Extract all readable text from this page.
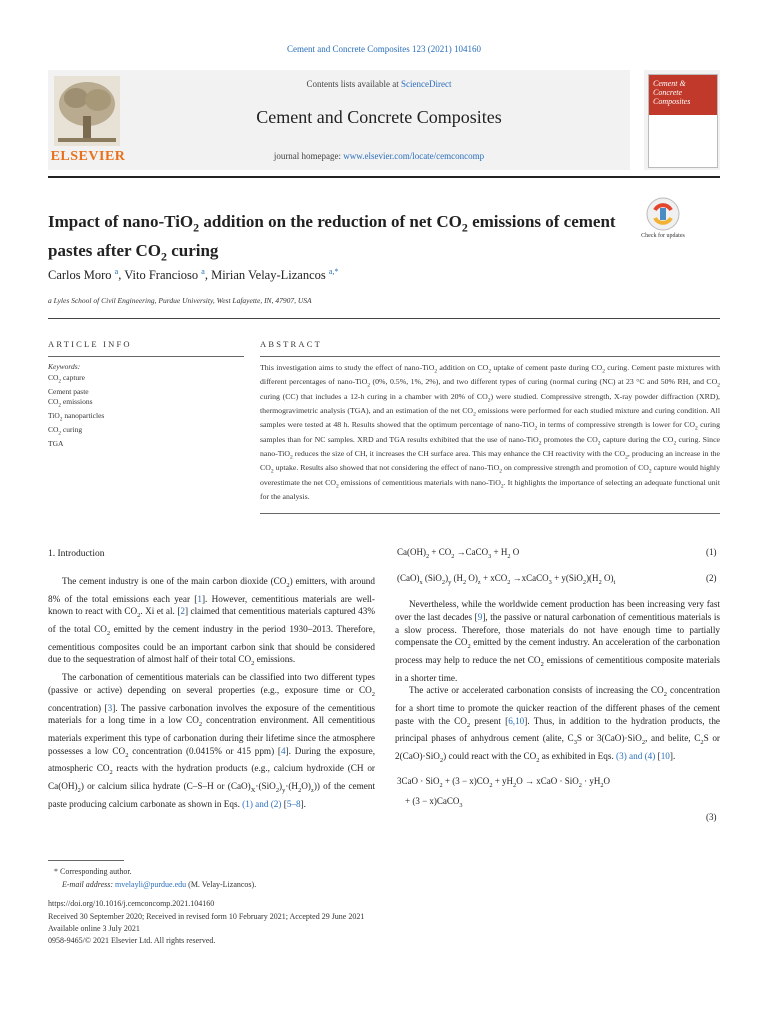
Cement and Concrete Composites 123 (2021) 104160
ELSEVIER
Contents lists available at ScienceDirect
Cement and Concrete Composites
journal homepage: www.elsevier.com/locate/cemconcomp
Cement &
Concrete
Composites
Impact of nano-TiO$_2$ addition on the reduction of net $CO_2$ emissions of cement pastes after $CO_2$ curing
Check for updates
Carlos Moro $^a$, Vito Francioso $^a$, Mirian Velay-Lizancos $^{a,*}$
a Lyles School of Civil Engineering, Purdue University, West Lafayette, IN, 47907, USA
ARTICLE INFO	ABSTRACT
Keywords:
$CO_2$ capture
Cement paste
$CO_2$ emissions
TiO$_2$ nanoparticles
$CO_2$ curing
TGA
This investigation aims to study the effect of nano-TiO$_2$ addition on $CO_2$ uptake of cement paste during $CO_2$ curing. Cement paste mixtures with different percentages of nano-TiO$_2$ (0%, 0.5%, 1%, 2%), and two different types of curing (normal curing (NC) at 23 °C and 50% RH, and $CO_2$ curing (CC) that includes a 12-h curing in a chamber with 20% of $CO_2$) were studied. Compressive strength, X-ray powder diffraction (XRD), thermogravimetric analysis (TGA), and an estimation of the net $CO_2$ emissions were performed for each studied mixture and curing condition. All samples were tested at 48 h. Results showed that the optimum percentage of nano-TiO$_2$ in terms of compressive strength is lower for $CO_2$ curing samples than for NC samples. XRD and TGA results exhibited that the use of nano-TiO$_2$ promotes the $CO_2$ capture during the $CO_2$ curing. Since nano-TiO$_2$ reduces the size of CH, it increases the CH surface area. This may enhance the CH reactivity with the $CO_2$, producing an increase in the $CO_2$ uptake. Results also showed that not considering the effect of nano-TiO$_2$ on compressive strength and promotion of $CO_2$ capture would highly overestimate the net $CO_2$ emissions of cementitious materials with nano-TiO$_2$. It highlights the importance of selecting an adequate functional unit for the analysis.
1. Introduction

The cement industry is one of the main carbon dioxide $(CO_2)$ emitters, with around 8% of the total emissions each year [1]. However, cementitious materials are well-known to react with $CO_2$. Xi et al. [2] claimed that cementitious materials captured 43% of the total $CO_2$ emitted by the cement industry in the period 1930–2013. Therefore, cementitious composites could be an important carbon sink that should be considered due to the sequestration of almost half of their total $CO_2$ emissions.

The carbonation of cementitious materials can be classified into two different types (passive or active) depending on several properties (e.g., exposure time or $CO_2$ concentration) [3]. The passive carbonation involves the exposure of the cementitious materials for a long time in a low $CO_2$ concentration environment. All cementitious materials experiment this type of carbonation during their lifetime since the atmosphere possesses a low $CO_2$ concentration (0.0415% or 415 ppm) [4]. During the exposure, atmospheric $CO_2$ reacts with the hydration products (e.g., calcium hydroxide (CH or $Ca(OH)_2$) or calcium silica hydrate (C–S–H or $(CaO)_X\cdot(SiO_2)_y\cdot(H_2O)_z$)) of the cement paste producing calcium carbonate as shown in Eqs. (1) and (2) [5–8].

$Ca(OH)_2 + CO_2$ →CaCO$_3$ + $H_2$ O	(1)
$(CaO)_x$ $(SiO_2)_y$ ($H_2$ $O)_z + xCO_2$ →xCaCO$_3$ + $y(SiO_2)(H_2$ $O)_t$	(2)

Nevertheless, while the worldwide cement production has been increasing very fast over the last decades [9], the passive or natural carbonation of cementitious materials is a slow process. Therefore, those materials do not have enough time to partially compensate the $CO_2$ emitted by the cement industry. An acceleration of the carbonation process may help to reduce the net $CO_2$ emissions of cementitious composite materials in a shorter time.

The active or accelerated carbonation consists of increasing the $CO_2$ concentration for a short time to promote the quicker reaction of the different phases of the cement paste with the $CO_2$ present [6,10]. Thus, in addition to the hydration products, the principal phases of anhydrous cement (alite, $C_3S$ or 3(CaO)·SiO$_2$, and belite, $C_2S$ or 2(CaO)·SiO$_2$) could react with the $CO_2$ as exhibited in Eqs. (3) and (4) [10].

$3CaO \cdot SiO_2 + (3 - x)CO_2 + yH_2O$ → xCaO · $SiO_2 \cdot yH_2O$
+ (3 − x)CaCO$_3$
(3)
* Corresponding author.
E-mail address: mvelayli@purdue.edu (M. Velay-Lizancos).
https://doi.org/10.1016/j.cemconcomp.2021.104160
Received 30 September 2020; Received in revised form 10 February 2021; Accepted 29 June 2021
Available online 3 July 2021
0958-9465/© 2021 Elsevier Ltd. All rights reserved.
